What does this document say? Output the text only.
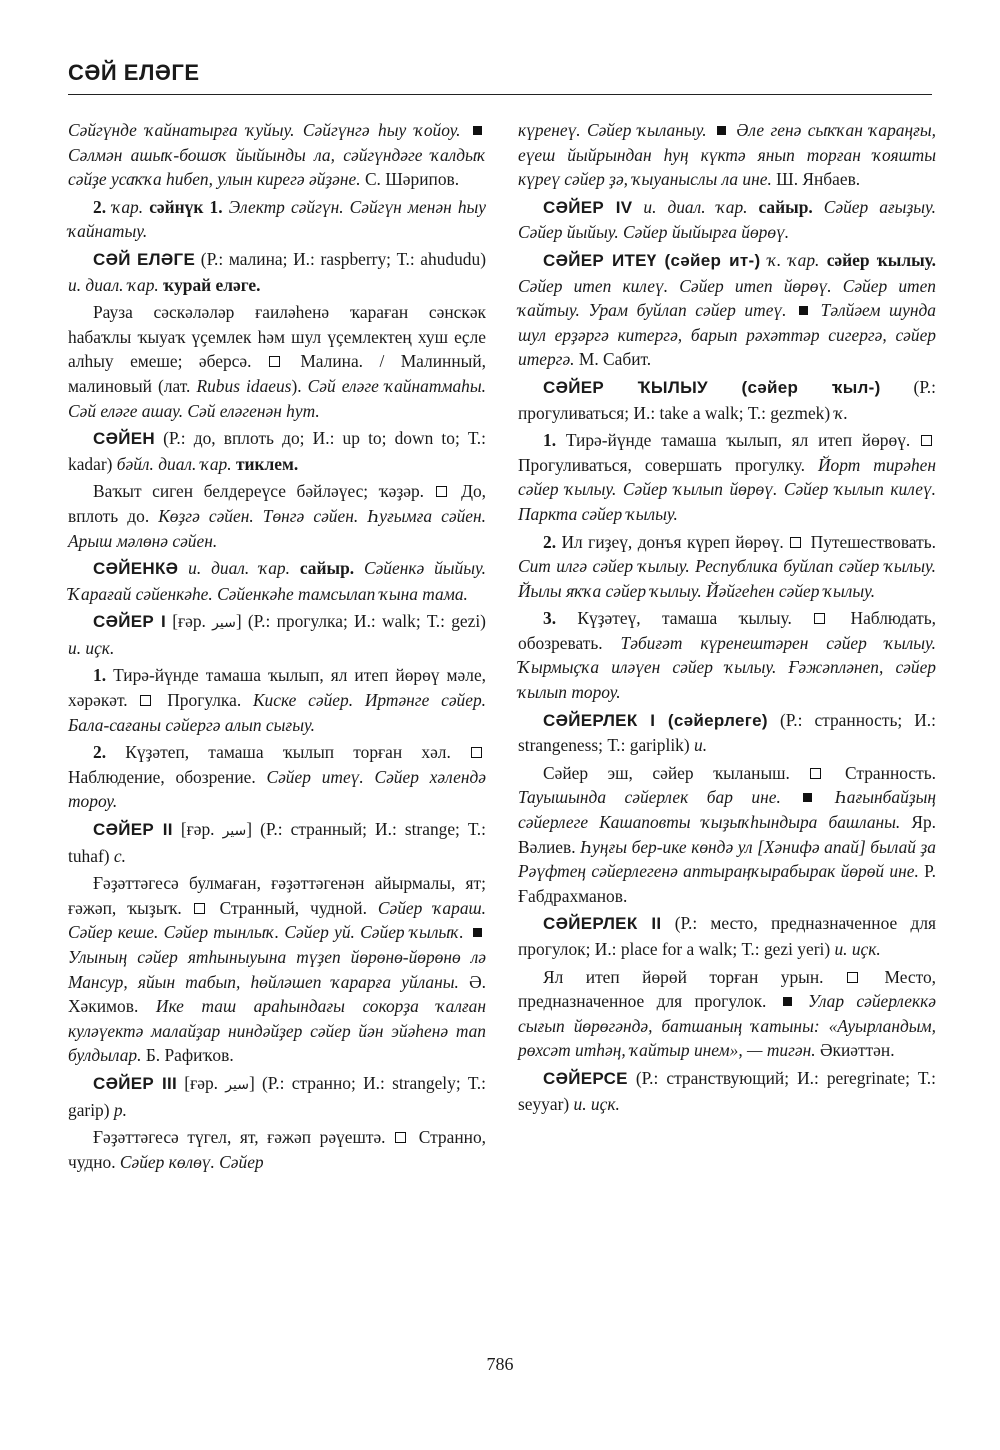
СӘЙ ЕЛӘГЕ

Сәйгүнде ҡайнатырға ҡуйыу. Сәйгүнгә һыу ҡойоу. Сәлмән ашыҡ-бошоҡ йыйынды ла, сәйгүндәге ҡалдыҡ сәйҙе усаҡҡа һибеп, улын кирегә әйҙәне. С. Шәрипов.

2. ҡар. сәйнүк 1. Электр сәйгүн. Сәйгүн менән һыу ҡайнатыу.

СӘЙ ЕЛӘГЕ (Р.: малина; И.: raspberry; Т.: ahududu) и. диал. ҡар. ҡурай еләге.

Рауза сәскәләләр ғаиләһенә ҡараған сәнскәк һабаҡлы ҡыуаҡ үҫемлек һәм шул үҫемлектең хуш еҫле алһыу емеше; әберсә.  Малина. / Малинный, малиновый (лат. Rubus idaeus). Сәй еләге ҡайнатмаһы. Сәй еләге ашау. Сәй еләгенән һут.

СӘЙЕН (Р.: до, вплоть до; И.: up to; down to; Т.: kadar) бәйл. диал. ҡар. тиклем.

Ваҡыт сиген белдереүсе бәйләүес; ҡәҙәр.  До, вплоть до. Көҙгә сәйен. Төнгә сәйен. Һуғымға сәйен. Арыш мәлөнә сәйен.

СӘЙЕНКӘ и. диал. ҡар. сайыр. Сәйенкә йыйыу. Ҡарағай сәйенкәһе. Сәйенкәһе тамсылап ҡына тама.

СӘЙЕР I [ғәр. سير] (Р.: прогулка; И.: walk; Т.: gezi) и. иҫк.

1. Тирә-йүнде тамаша ҡылып, ял итеп йөрөү мәле, хәрәкәт.  Прогулка. Киске сәйер. Иртәнге сәйер. Бала-сағаны сәйергә алып сығыу.

2. Күҙәтеп, тамаша ҡылып торған хәл.  Наблюдение, обозрение. Сәйер итеү. Сәйер хәлендә тороу.

СӘЙЕР II [ғәр. سير] (Р.: странный; И.: strange; Т.: tuhaf) с.

Ғәҙәттәгесә булмаған, ғәҙәттәгенән айырмалы, ят; ғәжәп, ҡыҙыҡ.  Странный, чудной. Сәйер ҡараш. Сәйер кеше. Сәйер тынлыҡ. Сәйер уй. Сәйер ҡылыҡ.  Улының сәйер ятһыныуына түҙеп йөрөнө-йөрөнө лә Мансур, яйын табып, һөйләшеп ҡарарға уйланы. Ә. Хәкимов. Ике таш араһындағы сокорҙа ҡалған куләүектә малайҙар ниндәйҙер сәйер йән эйәһенә тап булдылар. Б. Рафиҡов.

СӘЙЕР III [ғәр. سير] (Р.: странно; И.: strangely; Т.: garip) р.

Ғәҙәттәгесә түгел, ят, ғәжәп рәүештә.  Странно, чудно. Сәйер көлөү. Сәйер

күренеү. Сәйер ҡыланыу.  Әле генә сыҡҡан ҡараңғы, еүеш йыйрындан һуң күктә янып торған ҡояшты күреү сәйер ҙә, ҡыуаныслы ла ине. Ш. Янбаев.

СӘЙЕР IV и. диал. ҡар. сайыр. Сәйер ағыҙыу. Сәйер йыйыу. Сәйер йыйырға йөрөү.

СӘЙЕР ИТЕҮ (сәйер ит-) ҡ. ҡар. сәйер ҡылыу. Сәйер итеп килеү. Сәйер итеп йөрөү. Сәйер итеп ҡайтыу. Урам буйлап сәйер итеү.  Тәлйәем шунда шул ерҙәргә китергә, барып рәхәттәр сигергә, сәйер итергә. М. Сабит.

СӘЙЕР ҠЫЛЫУ (сәйер ҡыл-) (Р.: прогуливаться; И.: take a walk; Т.: gezmek) ҡ.

1. Тирә-йүнде тамаша ҡылып, ял итеп йөрөү.  Прогуливаться, совершать прогулку. Йорт тирәһен сәйер ҡылыу. Сәйер ҡылып йөрөү. Сәйер ҡылып килеү. Паркта сәйер ҡылыу.

2. Ил гиҙеү, донъя күреп йөрөү.  Путешествовать. Сит илгә сәйер ҡылыу. Республика буйлап сәйер ҡылыу. Йылы яҡҡа сәйер ҡылыу. Йәйгеһен сәйер ҡылыу.

3. Күҙәтеү, тамаша ҡылыу.  Наблюдать, обозревать. Тәбиғәт күренештәрен сәйер ҡылыу. Ҡырмыҫҡа иләүен сәйер ҡылыу. Ғәжәпләнеп, сәйер ҡылып тороу.

СӘЙЕРЛЕК I (сәйерлеге) (Р.: странность; И.: strangeness; Т.: gariplik) и.

Сәйер эш, сәйер ҡыланыш.  Странность. Тауышында сәйерлек бар ине.  Һағынбайҙың сәйерлеге Кашаповты ҡыҙыҡһындыра башланы. Яр. Вәлиев. Һуңғы бер-ике көндә ул [Хәнифә апай] былай ҙа Рәүфтең сәйерлегенә аптыраңҡырабырак йөрөй ине. Р. Ғабдрахманов.

СӘЙЕРЛЕК II (Р.: место, предназначенное для прогулок; И.: place for a walk; Т.: gezi yeri) и. иҫк.

Ял итеп йөрөй торған урын.  Место, предназначенное для прогулок.  Улар сәйерлеккә сығып йөрөгәндә, батшаның ҡатыны: «Ауырландым, рөхсәт итһәң, ҡайтыр инем», — тигән. Әкиәттән.

СӘЙЕРСЕ (Р.: странствующий; И.: peregrinate; Т.: seyyar) и. иҫк.

786
